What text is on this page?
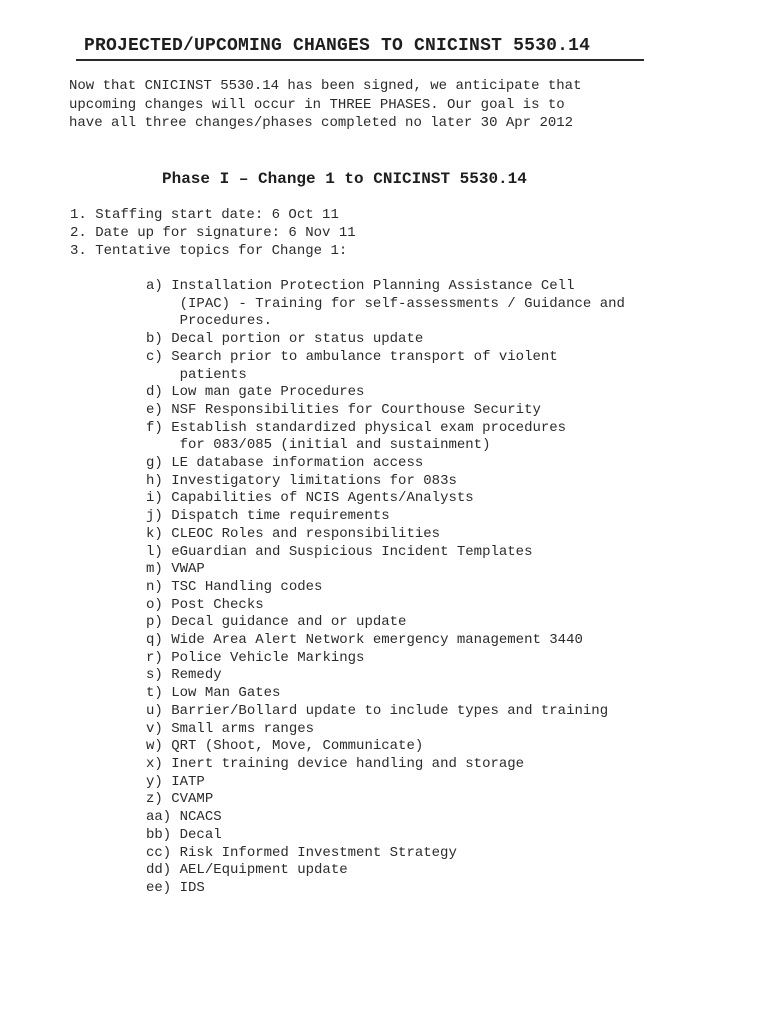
PROJECTED/UPCOMING CHANGES TO CNICINST 5530.14
Now that CNICINST 5530.14 has been signed, we anticipate that
upcoming changes will occur in THREE PHASES. Our goal is to
have all three changes/phases completed no later 30 Apr 2012
Phase I – Change 1 to CNICINST 5530.14
1. Staffing start date: 6 Oct 11
2. Date up for signature: 6 Nov 11
3. Tentative topics for Change 1:
a) Installation Protection Planning Assistance Cell
(IPAC) - Training for self-assessments / Guidance and
Procedures.
b) Decal portion or status update
c) Search prior to ambulance transport of violent
patients
d) Low man gate Procedures
e) NSF Responsibilities for Courthouse Security
f) Establish standardized physical exam procedures
for 083/085 (initial and sustainment)
g) LE database information access
h) Investigatory limitations for 083s
i) Capabilities of NCIS Agents/Analysts
j) Dispatch time requirements
k) CLEOC Roles and responsibilities
l) eGuardian and Suspicious Incident Templates
m) VWAP
n) TSC Handling codes
o) Post Checks
p) Decal guidance and or update
q) Wide Area Alert Network emergency management 3440
r) Police Vehicle Markings
s) Remedy
t) Low Man Gates
u) Barrier/Bollard update to include types and training
v) Small arms ranges
w) QRT (Shoot, Move, Communicate)
x) Inert training device handling and storage
y) IATP
z) CVAMP
aa) NCACS
bb) Decal
cc) Risk Informed Investment Strategy
dd) AEL/Equipment update
ee) IDS
